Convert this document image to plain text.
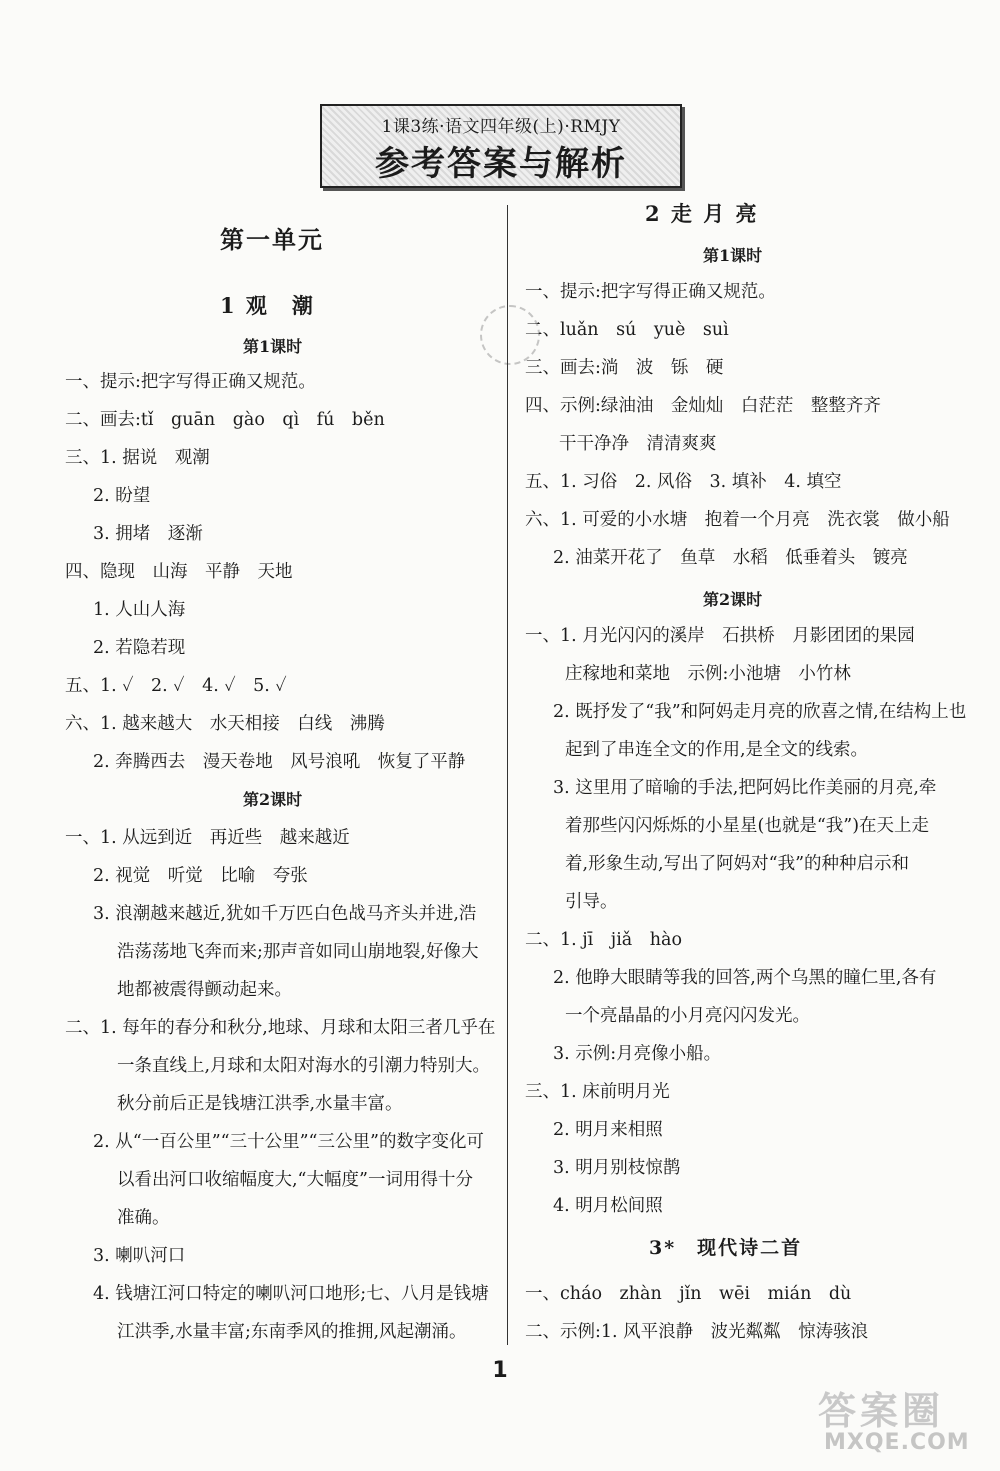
1课3练·语文四年级(上)·RMJY
参考答案与解析
第一单元
1 观　潮
第1课时
一、提示:把字写得正确又规范。
二、画去:tǐ　guān　gào　qì　fú　běn
三、1. 据说　观潮
2. 盼望
3. 拥堵　逐渐
四、隐现　山海　平静　天地
1. 人山人海
2. 若隐若现
五、1. ✓　2. ✓　4. ✓　5. ✓
六、1. 越来越大　水天相接　白线　沸腾
2. 奔腾西去　漫天卷地　风号浪吼　恢复了平静
第2课时
一、1. 从远到近　再近些　越来越近
2. 视觉　听觉　比喻　夸张
3. 浪潮越来越近,犹如千万匹白色战马齐头并进,浩
浩荡荡地飞奔而来;那声音如同山崩地裂,好像大
地都被震得颤动起来。
二、1. 每年的春分和秋分,地球、月球和太阳三者几乎在
一条直线上,月球和太阳对海水的引潮力特别大。
秋分前后正是钱塘江洪季,水量丰富。
2. 从“一百公里”“三十公里”“三公里”的数字变化可
以看出河口收缩幅度大,“大幅度”一词用得十分
准确。
3. 喇叭河口
4. 钱塘江河口特定的喇叭河口地形;七、八月是钱塘
江洪季,水量丰富;东南季风的推拥,风起潮涌。
2 走 月 亮
第1课时
一、提示:把字写得正确又规范。
二、luǎn　sú　yuè　suì
三、画去:淌　波　铄　硬
四、示例:绿油油　金灿灿　白茫茫　整整齐齐
干干净净　清清爽爽
五、1. 习俗　2. 风俗　3. 填补　4. 填空
六、1. 可爱的小水塘　抱着一个月亮　洗衣裳　做小船
2. 油菜开花了　鱼草　水稻　低垂着头　镀亮
第2课时
一、1. 月光闪闪的溪岸　石拱桥　月影团团的果园
庄稼地和菜地　示例:小池塘　小竹林
2. 既抒发了“我”和阿妈走月亮的欣喜之情,在结构上也
起到了串连全文的作用,是全文的线索。
3. 这里用了暗喻的手法,把阿妈比作美丽的月亮,牵
着那些闪闪烁烁的小星星(也就是“我”)在天上走
着,形象生动,写出了阿妈对“我”的种种启示和
引导。
二、1. jī　jiǎ　hào
2. 他睁大眼睛等我的回答,两个乌黑的瞳仁里,各有
一个亮晶晶的小月亮闪闪发光。
3. 示例:月亮像小船。
三、1. 床前明月光
2. 明月来相照
3. 明月别枝惊鹊
4. 明月松间照
3*　现代诗二首
一、cháo　zhàn　jǐn　wēi　mián　dù
二、示例:1. 风平浪静　波光粼粼　惊涛骇浪
1
答案圈
MXQE.COM
